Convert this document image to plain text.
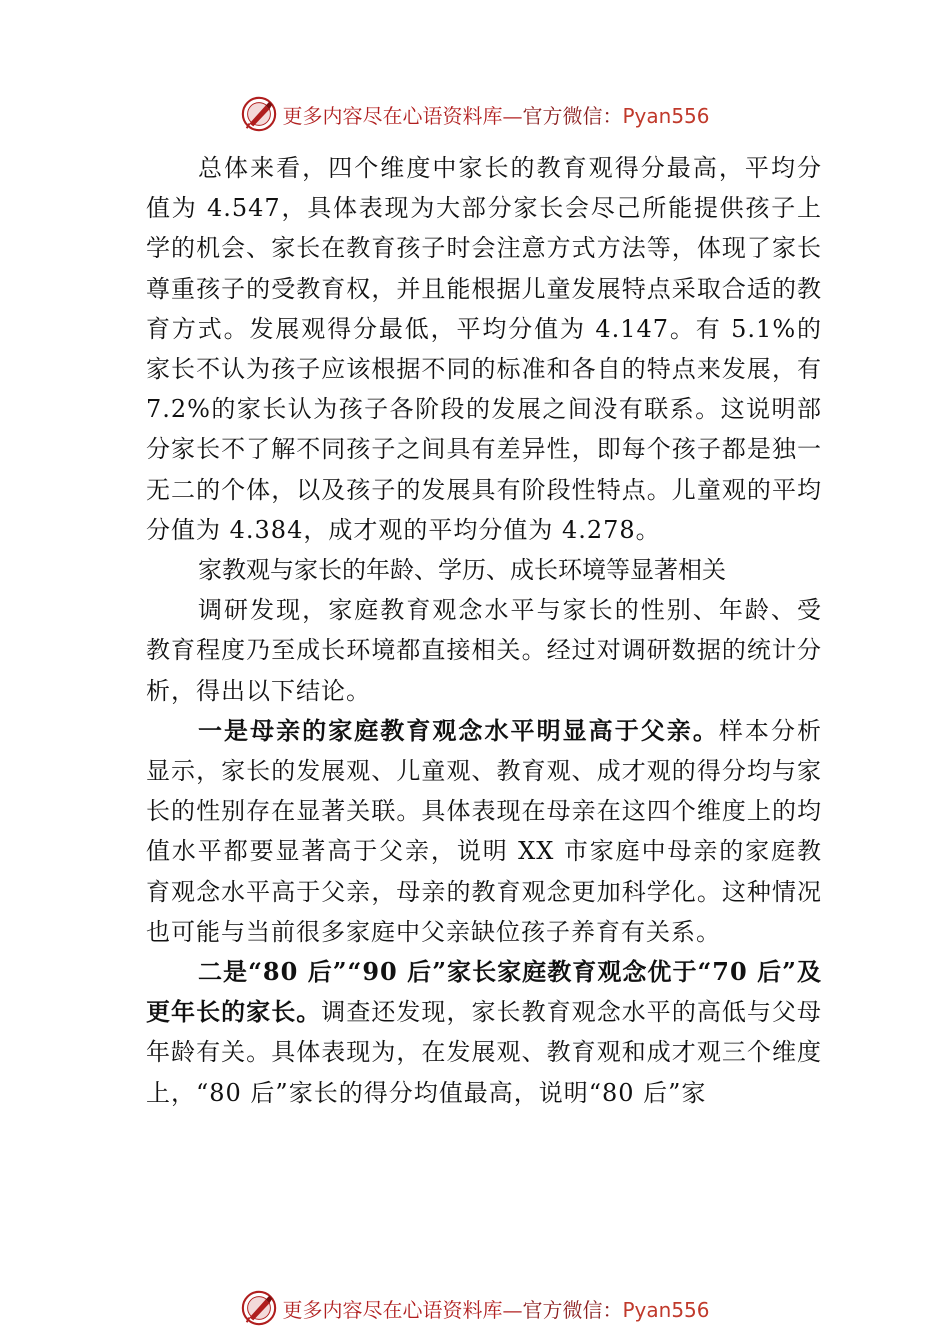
更多内容尽在心语资料库—官方微信：Pyan556

总体来看，四个维度中家长的教育观得分最高，平均分值为 4.547，具体表现为大部分家长会尽己所能提供孩子上学的机会、家长在教育孩子时会注意方式方法等，体现了家长尊重孩子的受教育权，并且能根据儿童发展特点采取合适的教育方式。发展观得分最低，平均分值为 4.147。有 5.1%的家长不认为孩子应该根据不同的标准和各自的特点来发展，有 7.2%的家长认为孩子各阶段的发展之间没有联系。这说明部分家长不了解不同孩子之间具有差异性，即每个孩子都是独一无二的个体，以及孩子的发展具有阶段性特点。儿童观的平均分值为 4.384，成才观的平均分值为 4.278。

家教观与家长的年龄、学历、成长环境等显著相关

调研发现，家庭教育观念水平与家长的性别、年龄、受教育程度乃至成长环境都直接相关。经过对调研数据的统计分析，得出以下结论。

一是母亲的家庭教育观念水平明显高于父亲。样本分析显示，家长的发展观、儿童观、教育观、成才观的得分均与家长的性别存在显著关联。具体表现在母亲在这四个维度上的均值水平都要显著高于父亲，说明 XX 市家庭中母亲的家庭教育观念水平高于父亲，母亲的教育观念更加科学化。这种情况也可能与当前很多家庭中父亲缺位孩子养育有关系。

二是“80 后”“90 后”家长家庭教育观念优于“70 后”及更年长的家长。调查还发现，家长教育观念水平的高低与父母年龄有关。具体表现为，在发展观、教育观和成才观三个维度上，“80 后”家长的得分均值最高，说明“80 后”家

更多内容尽在心语资料库—官方微信：Pyan556
